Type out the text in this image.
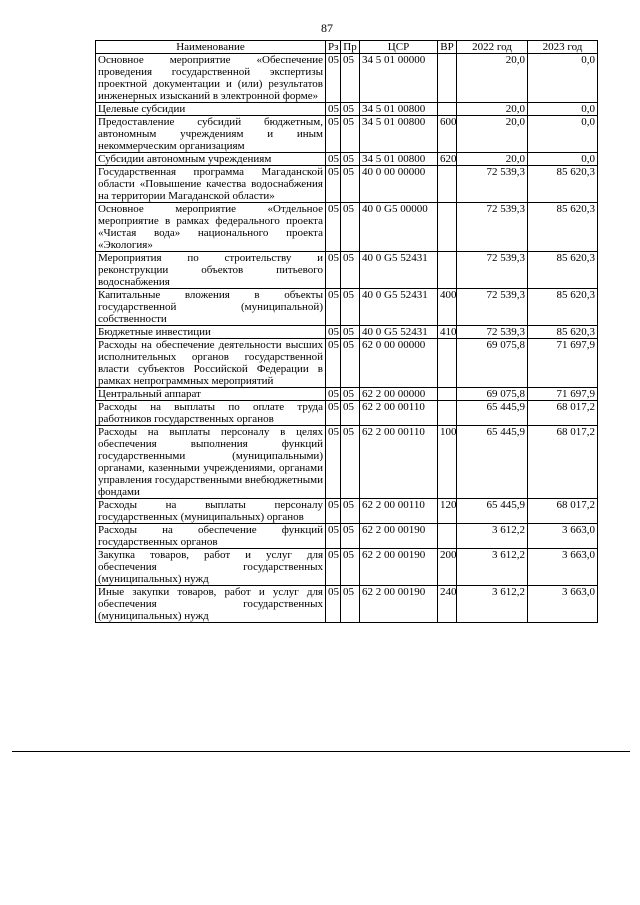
87
Наименование	Рз	Пр	ЦСР	ВР	2022 год	2023 год
Основное мероприятие «Обеспечение проведения государственной экспертизы проектной документации и (или) результатов инженерных изысканий в электронной форме»	05	05	34 5 01 00000		20,0	0,0
Целевые субсидии	05	05	34 5 01 00800		20,0	0,0
Предоставление субсидий бюджетным, автономным учреждениям и иным некоммерческим организациям	05	05	34 5 01 00800	600	20,0	0,0
Субсидии автономным учреждениям	05	05	34 5 01 00800	620	20,0	0,0
Государственная программа Магаданской области «Повышение качества водоснабжения на территории Магаданской области»	05	05	40 0 00 00000		72 539,3	85 620,3
Основное мероприятие «Отдельное мероприятие в рамках федерального проекта «Чистая вода» национального проекта «Экология»	05	05	40 0 G5 00000		72 539,3	85 620,3
Мероприятия по строительству и реконструкции объектов питьевого водоснабжения	05	05	40 0 G5 52431		72 539,3	85 620,3
Капитальные вложения в объекты государственной (муниципальной) собственности	05	05	40 0 G5 52431	400	72 539,3	85 620,3
Бюджетные инвестиции	05	05	40 0 G5 52431	410	72 539,3	85 620,3
Расходы на обеспечение деятельности высших исполнительных органов государственной власти субъектов Российской Федерации в рамках непрограммных мероприятий	05	05	62 0 00 00000		69 075,8	71 697,9
Центральный аппарат	05	05	62 2 00 00000		69 075,8	71 697,9
Расходы на выплаты по оплате труда работников государственных органов	05	05	62 2 00 00110		65 445,9	68 017,2
Расходы на выплаты персоналу в целях обеспечения выполнения функций государственными (муниципальными) органами, казенными учреждениями, органами управления государственными внебюджетными фондами	05	05	62 2 00 00110	100	65 445,9	68 017,2
Расходы на выплаты персоналу государственных (муниципальных) органов	05	05	62 2 00 00110	120	65 445,9	68 017,2
Расходы на обеспечение функций государственных органов	05	05	62 2 00 00190		3 612,2	3 663,0
Закупка товаров, работ и услуг для обеспечения государственных (муниципальных) нужд	05	05	62 2 00 00190	200	3 612,2	3 663,0
Иные закупки товаров, работ и услуг для обеспечения государственных (муниципальных) нужд	05	05	62 2 00 00190	240	3 612,2	3 663,0
